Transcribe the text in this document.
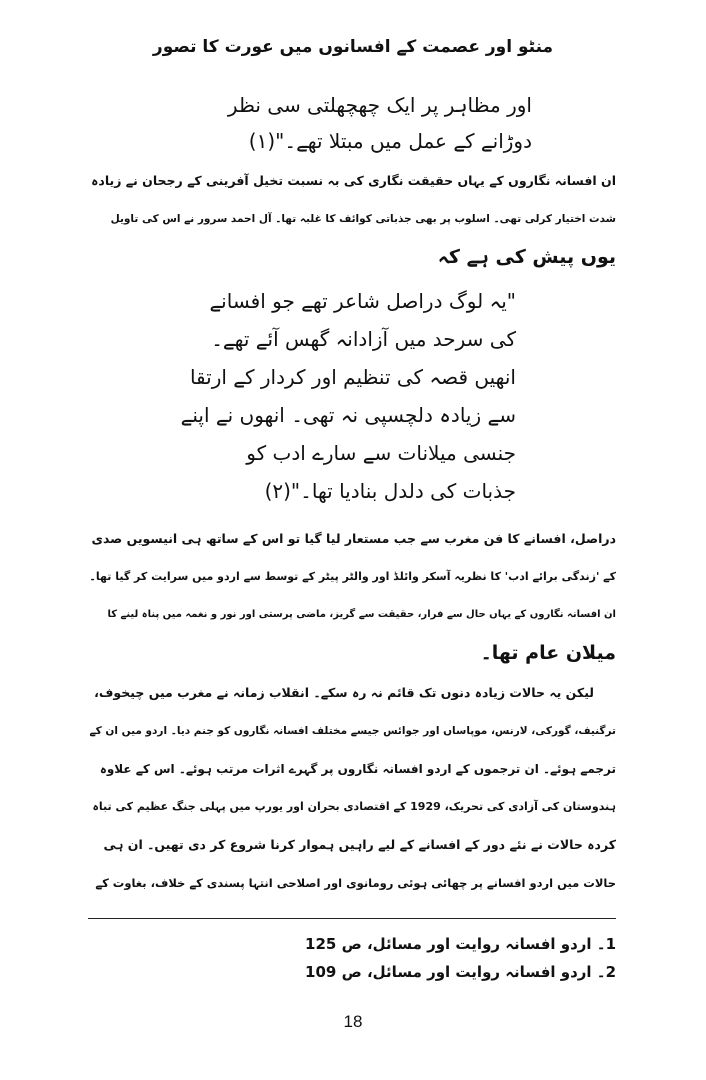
منٹو اور عصمت کے افسانوں میں عورت کا تصور
اور مظاہر پر ایک چھچھلتی سی نظر
دوڑانے کے عمل میں مبتلا تھے۔"(۱)
ان افسانہ نگاروں کے یہاں حقیقت نگاری کی بہ نسبت تخیل آفرینی کے رجحان نے زیادہ
شدت اختیار کرلی تھی۔ اسلوب پر بھی جذباتی کوائف کا غلبہ تھا۔ آل احمد سرور نے اس کی تاویل
یوں پیش کی ہے کہ
"یہ لوگ دراصل شاعر تھے جو افسانے
کی سرحد میں آزادانہ گھس آئے تھے۔
انھیں قصہ کی تنظیم اور کردار کے ارتقا
سے زیادہ دلچسپی نہ تھی۔ انھوں نے اپنے
جنسی میلانات سے سارے ادب کو
جذبات کی دلدل بنادیا تھا۔"(۲)
دراصل، افسانے کا فن مغرب سے جب مستعار لیا گیا تو اس کے ساتھ ہی انیسویں صدی
کے 'زندگی برائے ادب' کا نظریہ آسکر وائلڈ اور والٹر پیٹر کے توسط سے اردو میں سرایت کر گیا تھا۔
ان افسانہ نگاروں کے یہاں حال سے فرار، حقیقت سے گریز، ماضی پرستی اور نور و نغمہ میں پناہ لینے کا
میلان عام تھا۔
لیکن یہ حالات زیادہ دنوں تک قائم نہ رہ سکے۔ انقلاب زمانہ نے مغرب میں چیخوف،
ترگنیف، گورکی، لارنس، موپاساں اور جوائس جیسے مختلف افسانہ نگاروں کو جنم دیا۔ اردو میں ان کے
ترجمے ہوئے۔ ان ترجموں کے اردو افسانہ نگاروں پر گہرے اثرات مرتب ہوئے۔ اس کے علاوہ
ہندوستان کی آزادی کی تحریک، 1929 کے اقتصادی بحران اور یورپ میں پہلی جنگ عظیم کی تباہ
کردہ حالات نے نئے دور کے افسانے کے لیے راہیں ہموار کرنا شروع کر دی تھیں۔ ان ہی
حالات میں اردو افسانے پر چھائی ہوئی رومانوی اور اصلاحی انتہا پسندی کے خلاف، بغاوت کے
1۔ اردو افسانہ روایت اور مسائل، ص 125
2۔ اردو افسانہ روایت اور مسائل، ص 109
18
